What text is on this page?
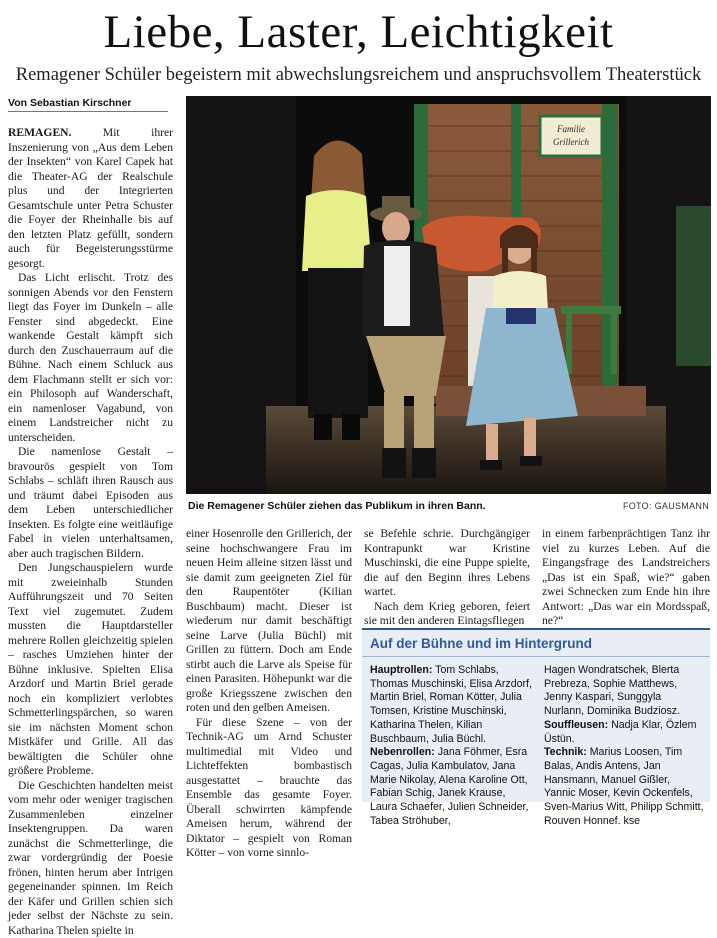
Liebe, Laster, Leichtigkeit
Remagener Schüler begeistern mit abwechslungsreichem und anspruchsvollem Theaterstück
Von Sebastian Kirschner

REMAGEN. Mit ihrer Inszenierung von „Aus dem Leben der Insekten“ von Karel Capek hat die Theater-AG der Realschule plus und der Integrierten Gesamtschule unter Petra Schuster die Foyer der Rheinhalle bis auf den letzten Platz gefüllt, sondern auch für Begeisterungsstürme gesorgt.

Das Licht erlischt. Trotz des sonnigen Abends vor den Fenstern liegt das Foyer im Dunkeln – alle Fenster sind abgedeckt. Eine wankende Gestalt kämpft sich durch den Zuschauerraum auf die Bühne. Nach einem Schluck aus dem Flachmann stellt er sich vor: ein Philosoph auf Wanderschaft, ein namenloser Vagabund, von einem Landstreicher nicht zu unterscheiden.

Die namenlose Gestalt – bravourös gespielt von Tom Schlabs – schläft ihren Rausch aus und träumt dabei Episoden aus dem Leben unterschiedlicher Insekten. Es folgte eine weitläufige Fabel in vielen unterhaltsamen, aber auch tragischen Bildern.

Den Jungschauspielern wurde mit zweieinhalb Stunden Aufführungszeit und 70 Seiten Text viel zugemutet. Zudem mussten die Hauptdarsteller mehrere Rollen gleichzeitig spielen – rasches Umziehen hinter der Bühne inklusive. Spielten Elisa Arzdorf und Martin Briel gerade noch ein kompliziert verlobtes Schmetterlingspärchen, so waren sie im nächsten Moment schon Mistkäfer und Grille. All das bewältigten die Schüler ohne größere Probleme.

Die Geschichten handelten meist vom mehr oder weniger tragischen Zusammenleben einzelner Insektengruppen. Da waren zunächst die Schmetterlinge, die zwar vordergründig der Poesie frönen, hinten herum aber Intrigen gegeneinander spinnen. Im Reich der Käfer und Grillen schien sich jeder selbst der Nächste zu sein. Katharina Thelen spielte in

Familie
Grillerich
Die Remagener Schüler ziehen das Publikum in ihren Bann.	FOTO: GAUSMANN

einer Hosenrolle den Grillerich, der seine hochschwangere Frau im neuen Heim alleine sitzen lässt und sie damit zum geeigneten Ziel für den Raupentöter (Kilian Buschbaum) macht. Dieser ist wiederum nur damit beschäftigt seine Larve (Julia Büchl) mit Grillen zu füttern. Doch am Ende stirbt auch die Larve als Speise für einen Parasiten. Höhepunkt war die große Kriegsszene zwischen den roten und den gelben Ameisen.

Für diese Szene – von der Technik-AG um Arnd Schuster multimedial mit Video und Lichteffekten bombastisch ausgestattet – brauchte das Ensemble das gesamte Foyer. Überall schwirrten kämpfende Ameisen herum, während der Diktator – gespielt von Roman Kötter – von vorne sinnlo-

se Befehle schrie. Durchgängiger Kontrapunkt war Kristine Muschinski, die eine Puppe spielte, die auf den Beginn ihres Lebens wartet.

Nach dem Krieg geboren, feiert sie mit den anderen Eintagsfliegen

in einem farbenprächtigen Tanz ihr viel zu kurzes Leben. Auf die Eingangsfrage des Landstreichers „Das ist ein Spaß, wie?“ gaben zwei Schnecken zum Ende hin ihre Antwort: „Das war ein Mordsspaß, ne?“

Auf der Bühne und im Hintergrund
Hauptrollen: Tom Schlabs, Thomas Muschinski, Elisa Arzdorf, Martin Briel, Roman Kötter, Julia Tomsen, Kristine Muschinski, Katharina Thelen, Kilian Buschbaum, Julia Büchl.
Nebenrollen: Jana Föhmer, Esra Cagas, Julia Kambulatov, Jana Marie Nikolay, Alena Karoline Ott, Fabian Schig, Janek Krause, Laura Schaefer, Julien Schneider, Tabea Ströhuber,
Hagen Wondratschek, Blerta Prebreza, Sophie Matthews, Jenny Kaspari, Sunggyla Nurlann, Dominika Budziosz.
Souffleusen: Nadja Klar, Özlem Üstün.
Technik: Marius Loosen, Tim Balas, Andis Antens, Jan Hansmann, Manuel Gißler, Yannic Moser, Kevin Ockenfels, Sven-Marius Witt, Philipp Schmitt, Rouven Honnef. kse
